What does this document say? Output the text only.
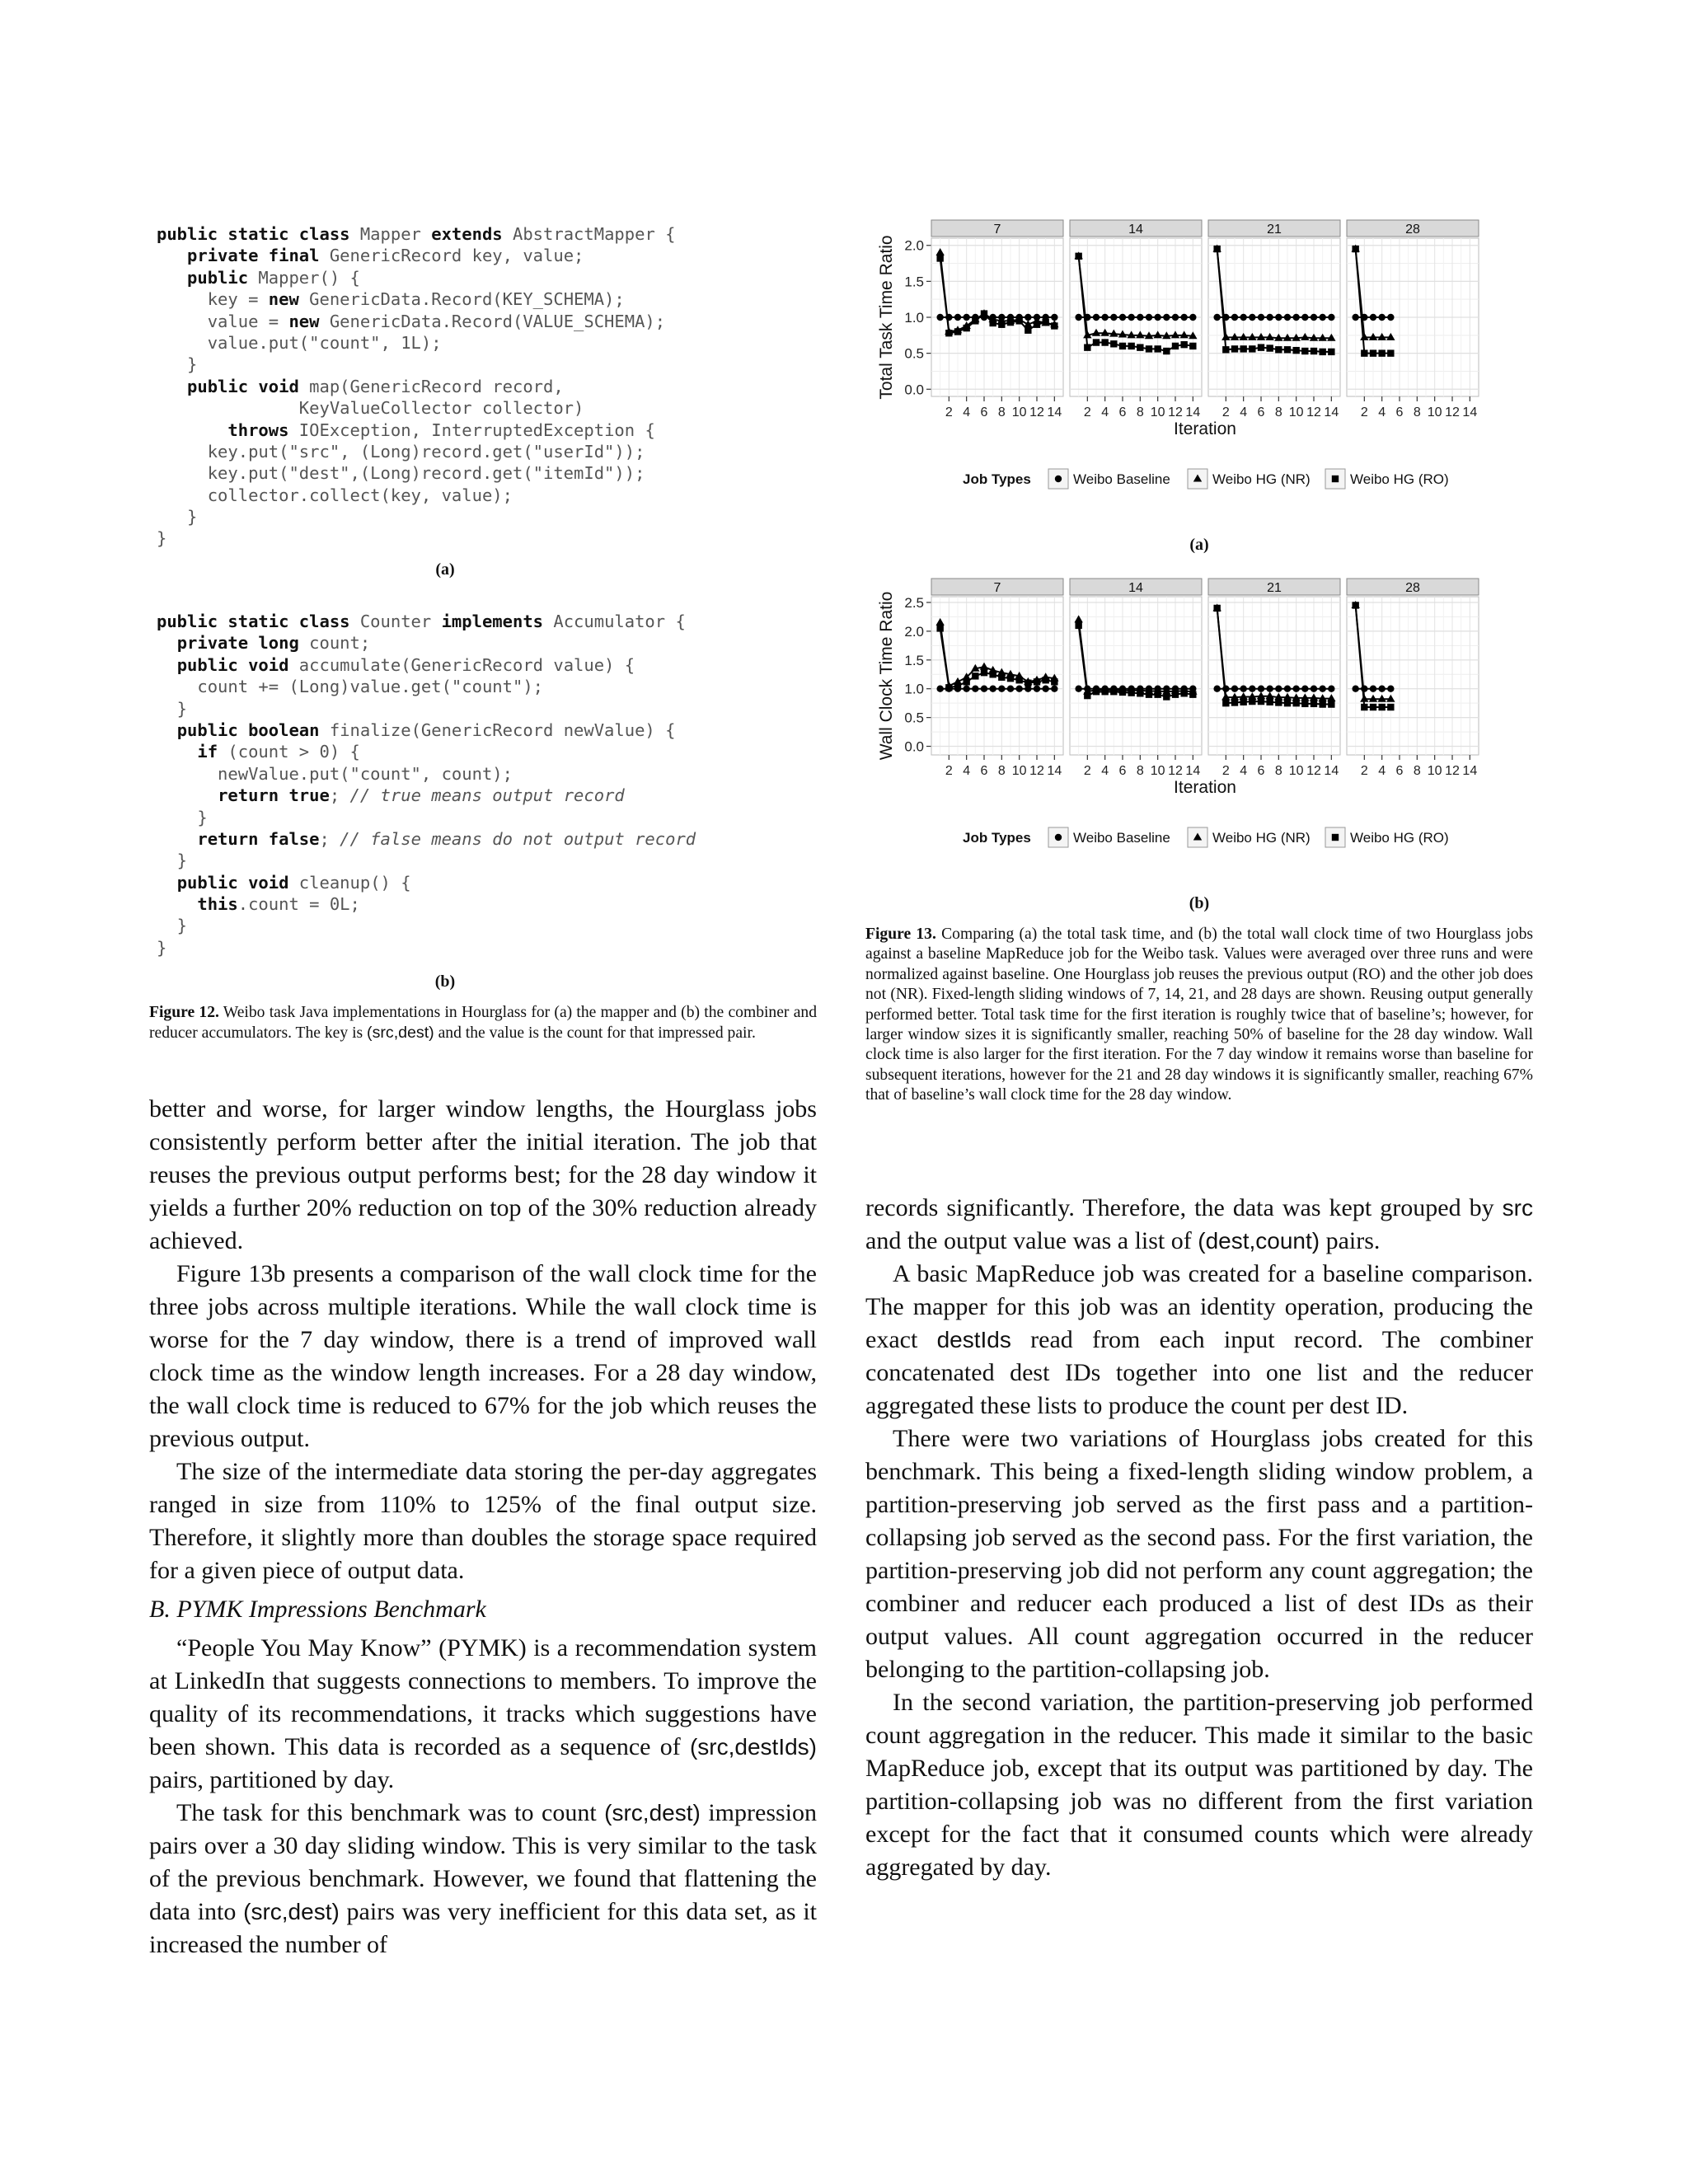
public static class Mapper extends AbstractMapper {
private final GenericRecord key, value;
public Mapper() {
key = new GenericData.Record(KEY_SCHEMA);
value = new GenericData.Record(VALUE_SCHEMA);
value.put("count", 1L);
}
public void map(GenericRecord record,
KeyValueCollector collector)
throws IOException, InterruptedException {
key.put("src", (Long)record.get("userId"));
key.put("dest",(Long)record.get("itemId"));
collector.collect(key, value);
}
}
(a)
public static class Counter implements Accumulator {
private long count;
public void accumulate(GenericRecord value) {
count += (Long)value.get("count");
}
public boolean finalize(GenericRecord newValue) {
if (count > 0) {
newValue.put("count", count);
return true; // true means output record
}
return false; // false means do not output record
}
public void cleanup() {
this.count = 0L;
}
}
(b)
Figure 12. Weibo task Java implementations in Hourglass for (a) the mapper and (b) the combiner and reducer accumulators. The key is (src,dest) and the value is the count for that impressed pair.

better and worse, for larger window lengths, the Hourglass jobs consistently perform better after the initial iteration. The job that reuses the previous output performs best; for the 28 day window it yields a further 20% reduction on top of the 30% reduction already achieved.

Figure 13b presents a comparison of the wall clock time for the three jobs across multiple iterations. While the wall clock time is worse for the 7 day window, there is a trend of improved wall clock time as the window length increases. For a 28 day window, the wall clock time is reduced to 67% for the job which reuses the previous output.

The size of the intermediate data storing the per-day aggregates ranged in size from 110% to 125% of the final output size. Therefore, it slightly more than doubles the storage space required for a given piece of output data.

B. PYMK Impressions Benchmark

“People You May Know” (PYMK) is a recommendation system at LinkedIn that suggests connections to members. To improve the quality of its recommendations, it tracks which suggestions have been shown. This data is recorded as a sequence of (src,destIds) pairs, partitioned by day.

The task for this benchmark was to count (src,dest) impression pairs over a 30 day sliding window. This is very similar to the task of the previous benchmark. However, we found that flattening the data into (src,dest) pairs was very inefficient for this data set, as it increased the number of

Total Task Time Ratio 0.0
0.5
1.0
1.5
2.0
7
2 4 6 8 10 12 14
14
2 4 6 8 10 12 14
21
2 4 6 8 10 12 14
28
2 4 6 8 10 12 14
Iteration
Job Types	Weibo Baseline	Weibo HG (NR)	Weibo HG (RO)
(a)
Wall Clock Time Ratio 0.0
0.5
1.0
1.5
2.0
2.5
7
2 4 6 8 10 12 14
14
2 4 6 8 10 12 14
21
2 4 6 8 10 12 14
28
2 4 6 8 10 12 14
Iteration
Job Types	Weibo Baseline	Weibo HG (NR)	Weibo HG (RO)
(b)
Figure 13. Comparing (a) the total task time, and (b) the total wall clock time of two Hourglass jobs against a baseline MapReduce job for the Weibo task. Values were averaged over three runs and were normalized against baseline. One Hourglass job reuses the previous output (RO) and the other job does not (NR). Fixed-length sliding windows of 7, 14, 21, and 28 days are shown. Reusing output generally performed better. Total task time for the first iteration is roughly twice that of baseline’s; however, for larger window sizes it is significantly smaller, reaching 50% of baseline for the 28 day window. Wall clock time is also larger for the first iteration. For the 7 day window it remains worse than baseline for subsequent iterations, however for the 21 and 28 day windows it is significantly smaller, reaching 67% that of baseline’s wall clock time for the 28 day window.

records significantly. Therefore, the data was kept grouped by src and the output value was a list of (dest,count) pairs.

A basic MapReduce job was created for a baseline comparison. The mapper for this job was an identity operation, producing the exact destIds read from each input record. The combiner concatenated dest IDs together into one list and the reducer aggregated these lists to produce the count per dest ID.

There were two variations of Hourglass jobs created for this benchmark. This being a fixed-length sliding window problem, a partition-preserving job served as the first pass and a partition-collapsing job served as the second pass. For the first variation, the partition-preserving job did not perform any count aggregation; the combiner and reducer each produced a list of dest IDs as their output values. All count aggregation occurred in the reducer belonging to the partition-collapsing job.

In the second variation, the partition-preserving job performed count aggregation in the reducer. This made it similar to the basic MapReduce job, except that its output was partitioned by day. The partition-collapsing job was no different from the first variation except for the fact that it consumed counts which were already aggregated by day.
